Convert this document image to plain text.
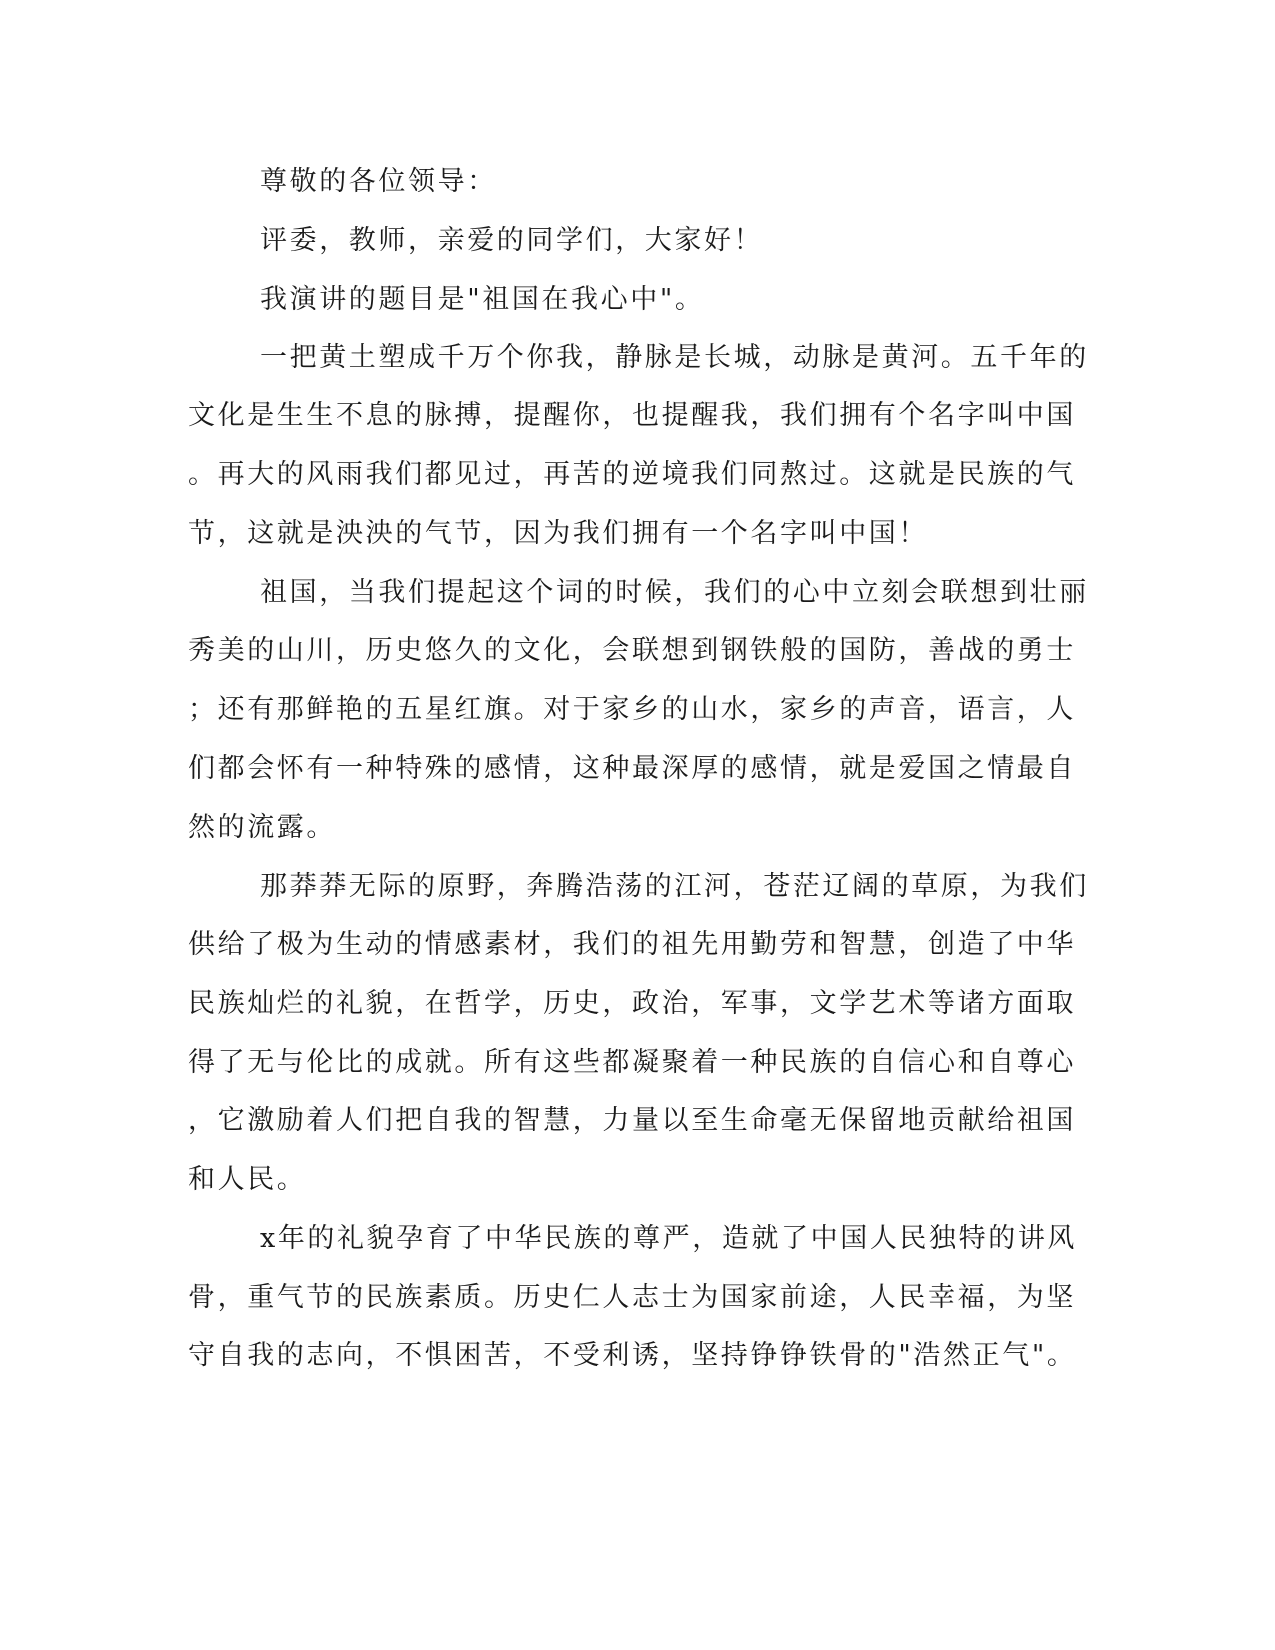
尊敬的各位领导：
评委，教师，亲爱的同学们，大家好！
我演讲的题目是"祖国在我心中"。
一把黄土塑成千万个你我，静脉是长城，动脉是黄河。五千年的
文化是生生不息的脉搏，提醒你，也提醒我，我们拥有个名字叫中国
。再大的风雨我们都见过，再苦的逆境我们同熬过。这就是民族的气
节，这就是泱泱的气节，因为我们拥有一个名字叫中国！
祖国，当我们提起这个词的时候，我们的心中立刻会联想到壮丽
秀美的山川，历史悠久的文化，会联想到钢铁般的国防，善战的勇士
；还有那鲜艳的五星红旗。对于家乡的山水，家乡的声音，语言，人
们都会怀有一种特殊的感情，这种最深厚的感情，就是爱国之情最自
然的流露。
那莽莽无际的原野，奔腾浩荡的江河，苍茫辽阔的草原，为我们
供给了极为生动的情感素材，我们的祖先用勤劳和智慧，创造了中华
民族灿烂的礼貌，在哲学，历史，政治，军事，文学艺术等诸方面取
得了无与伦比的成就。所有这些都凝聚着一种民族的自信心和自尊心
，它激励着人们把自我的智慧，力量以至生命毫无保留地贡献给祖国
和人民。
x年的礼貌孕育了中华民族的尊严，造就了中国人民独特的讲风
骨，重气节的民族素质。历史仁人志士为国家前途，人民幸福，为坚
守自我的志向，不惧困苦，不受利诱，坚持铮铮铁骨的"浩然正气"。
